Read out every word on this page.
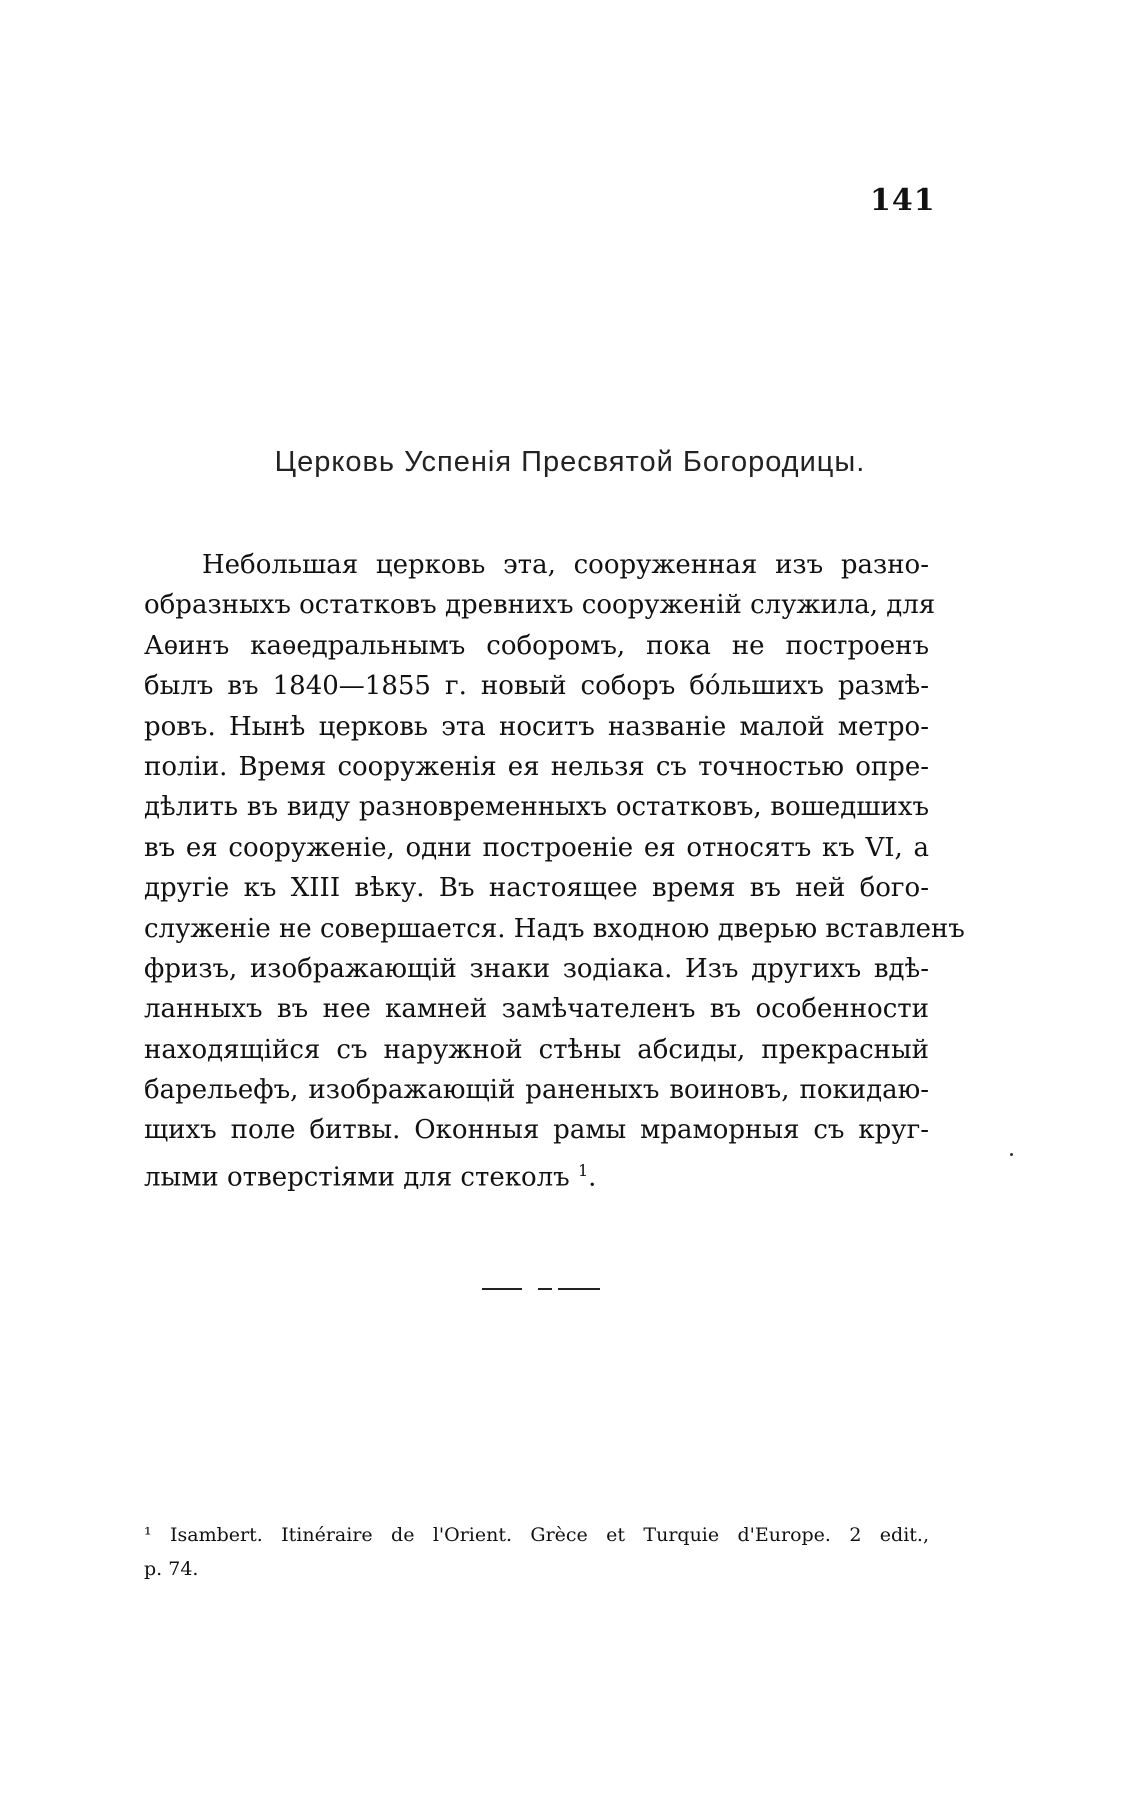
141
Церковь Успенія Пресвятой Богородицы.
Небольшая церковь эта, сооруженная изъ разно-
образныхъ остатковъ древнихъ сооруженій служила, для
Аѳинъ каѳедральнымъ соборомъ, пока не построенъ
былъ въ 1840—1855 г. новый соборъ бо́льшихъ размѣ-
ровъ. Нынѣ церковь эта носитъ названіе малой метро-
поліи. Время сооруженія ея нельзя съ точностью опре-
дѣлить въ виду разновременныхъ остатковъ, вошедшихъ
въ ея сооруженіе, одни построеніе ея относятъ къ VI, а
другіе къ XIII вѣку. Въ настоящее время въ ней бого-
служеніе не совершается. Надъ входною дверью вставленъ
фризъ, изображающій знаки зодіака. Изъ другихъ вдѣ-
ланныхъ въ нее камней замѣчателенъ въ особенности
находящійся съ наружной стѣны абсиды, прекрасный
барельефъ, изображающій раненыхъ воиновъ, покидаю-
щихъ поле битвы. Оконныя рамы мраморныя съ круг-
лыми отверстіями для стеколъ $^1$.
¹ Isambert. Itinéraire de l'Orient. Grèce et Turquie d'Europe. 2 edit.,
p. 74.
